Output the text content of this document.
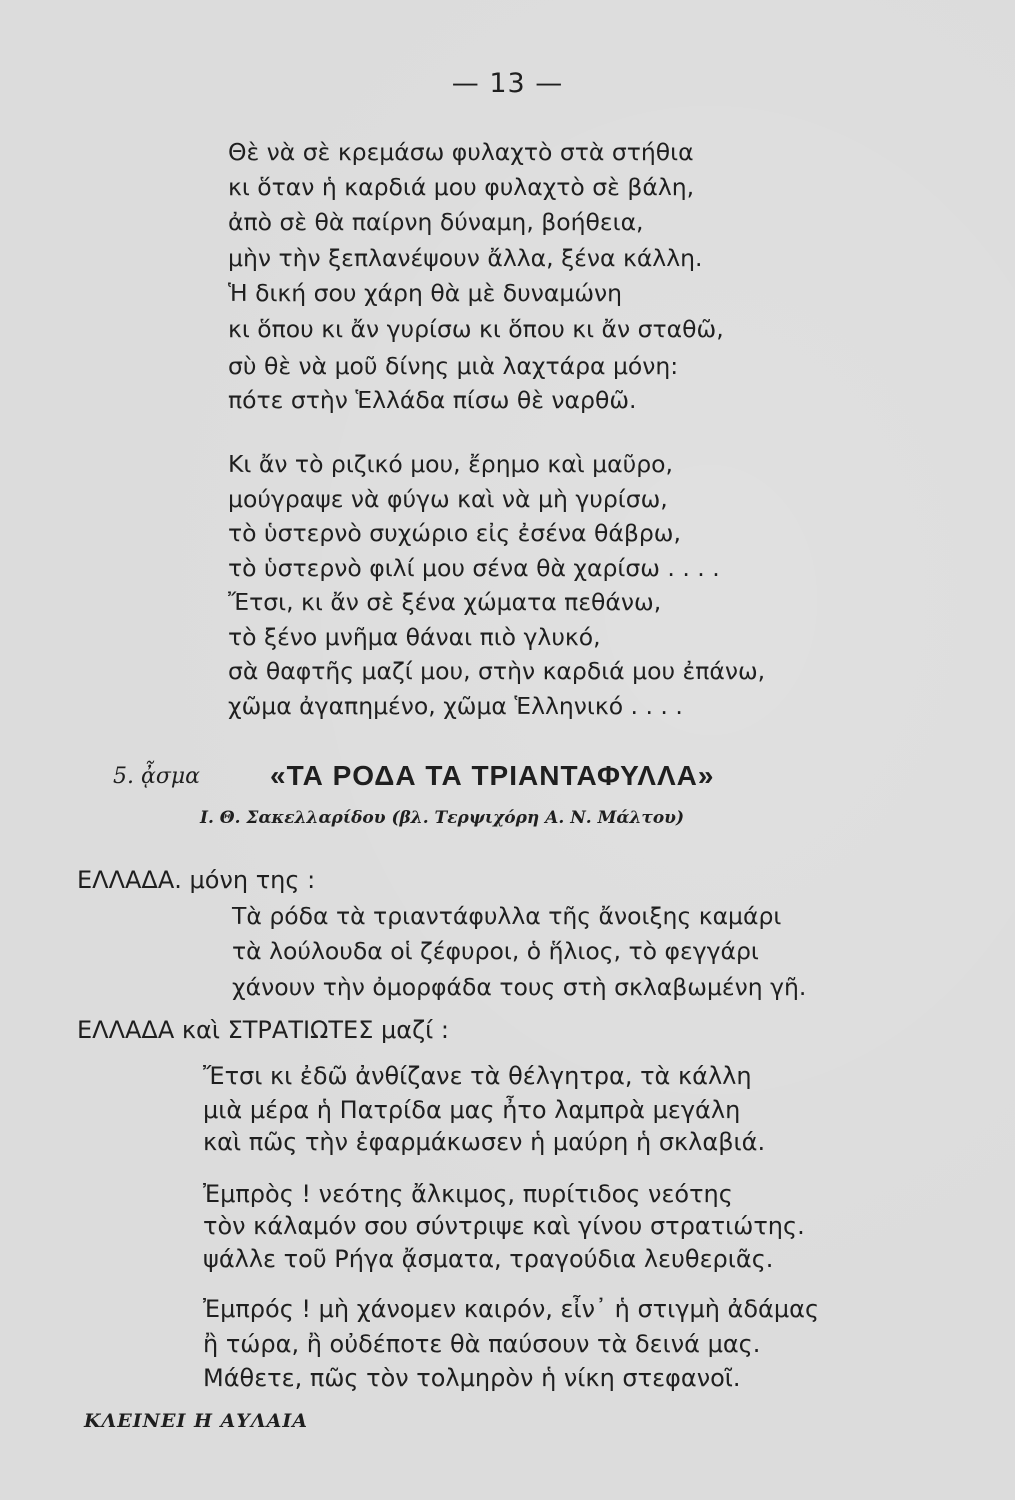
— 13 —
Θὲ νὰ σὲ κρεμάσω φυλαχτὸ στὰ στήθια
κι ὅταν ἡ καρδιά μου φυλαχτὸ σὲ βάλη,
ἀπὸ σὲ θὰ παίρνη δύναμη, βοήθεια,
μὴν τὴν ξεπλανέψουν ἄλλα, ξένα κάλλη.
Ἡ δική σου χάρη θὰ μὲ δυναμώνη
κι ὅπου κι ἄν γυρίσω κι ὅπου κι ἄν σταθῶ,
σὺ θὲ νὰ μοῦ δίνης μιὰ λαχτάρα μόνη:
πότε στὴν Ἑλλάδα πίσω θὲ ναρθῶ.
Κι ἄν τὸ ριζικό μου, ἔρημο καὶ μαῦρο,
μούγραψε νὰ φύγω καὶ νὰ μὴ γυρίσω,
τὸ ὑστερνὸ συχώριο εἰς ἐσένα θάβρω,
τὸ ὑστερνὸ φιλί μου σένα θὰ χαρίσω . . . .
Ἔτσι, κι ἄν σὲ ξένα χώματα πεθάνω,
τὸ ξένο μνῆμα θάναι πιὸ γλυκό,
σὰ θαφτῆς μαζί μου, στὴν καρδιά μου ἐπάνω,
χῶμα ἀγαπημένο, χῶμα Ἑλληνικό . . . .
5. ᾆσμα «ΤΑ ΡΟΔΑ ΤΑ ΤΡΙΑΝΤΑΦΥΛΛΑ»
Ι. Θ. Σακελλαρίδου (βλ. Τερψιχόρη Α. Ν. Μάλτου)
ΕΛΛΑΔΑ. μόνη της :
Τὰ ρόδα τὰ τριαντάφυλλα τῆς ἄνοιξης καμάρι
τὰ λούλουδα οἱ ζέφυροι, ὁ ἥλιος, τὸ φεγγάρι
χάνουν τὴν ὀμορφάδα τους στὴ σκλαβωμένη γῆ.
ΕΛΛΑΔΑ καὶ ΣΤΡΑΤΙΩΤΕΣ μαζί :
Ἔτσι κι ἐδῶ ἀνθίζανε τὰ θέλγητρα, τὰ κάλλη
μιὰ μέρα ἡ Πατρίδα μας ἦτο λαμπρὰ μεγάλη
καὶ πῶς τὴν ἐφαρμάκωσεν ἡ μαύρη ἡ σκλαβιά.
Ἐμπρὸς ! νεότης ἄλκιμος, πυρίτιδος νεότης
τὸν κάλαμόν σου σύντριψε καὶ γίνου στρατιώτης.
ψάλλε τοῦ Ρήγα ᾄσματα, τραγούδια λευθεριᾶς.
Ἐμπρός ! μὴ χάνομεν καιρόν, εἶν᾽ ἡ στιγμὴ ἀδάμας
ἢ τώρα, ἢ οὐδέποτε θὰ παύσουν τὰ δεινά μας.
Μάθετε, πῶς τὸν τολμηρὸν ἡ νίκη στεφανοῖ.
ΚΛΕΙΝΕΙ Η ΑΥΛΑΙΑ
